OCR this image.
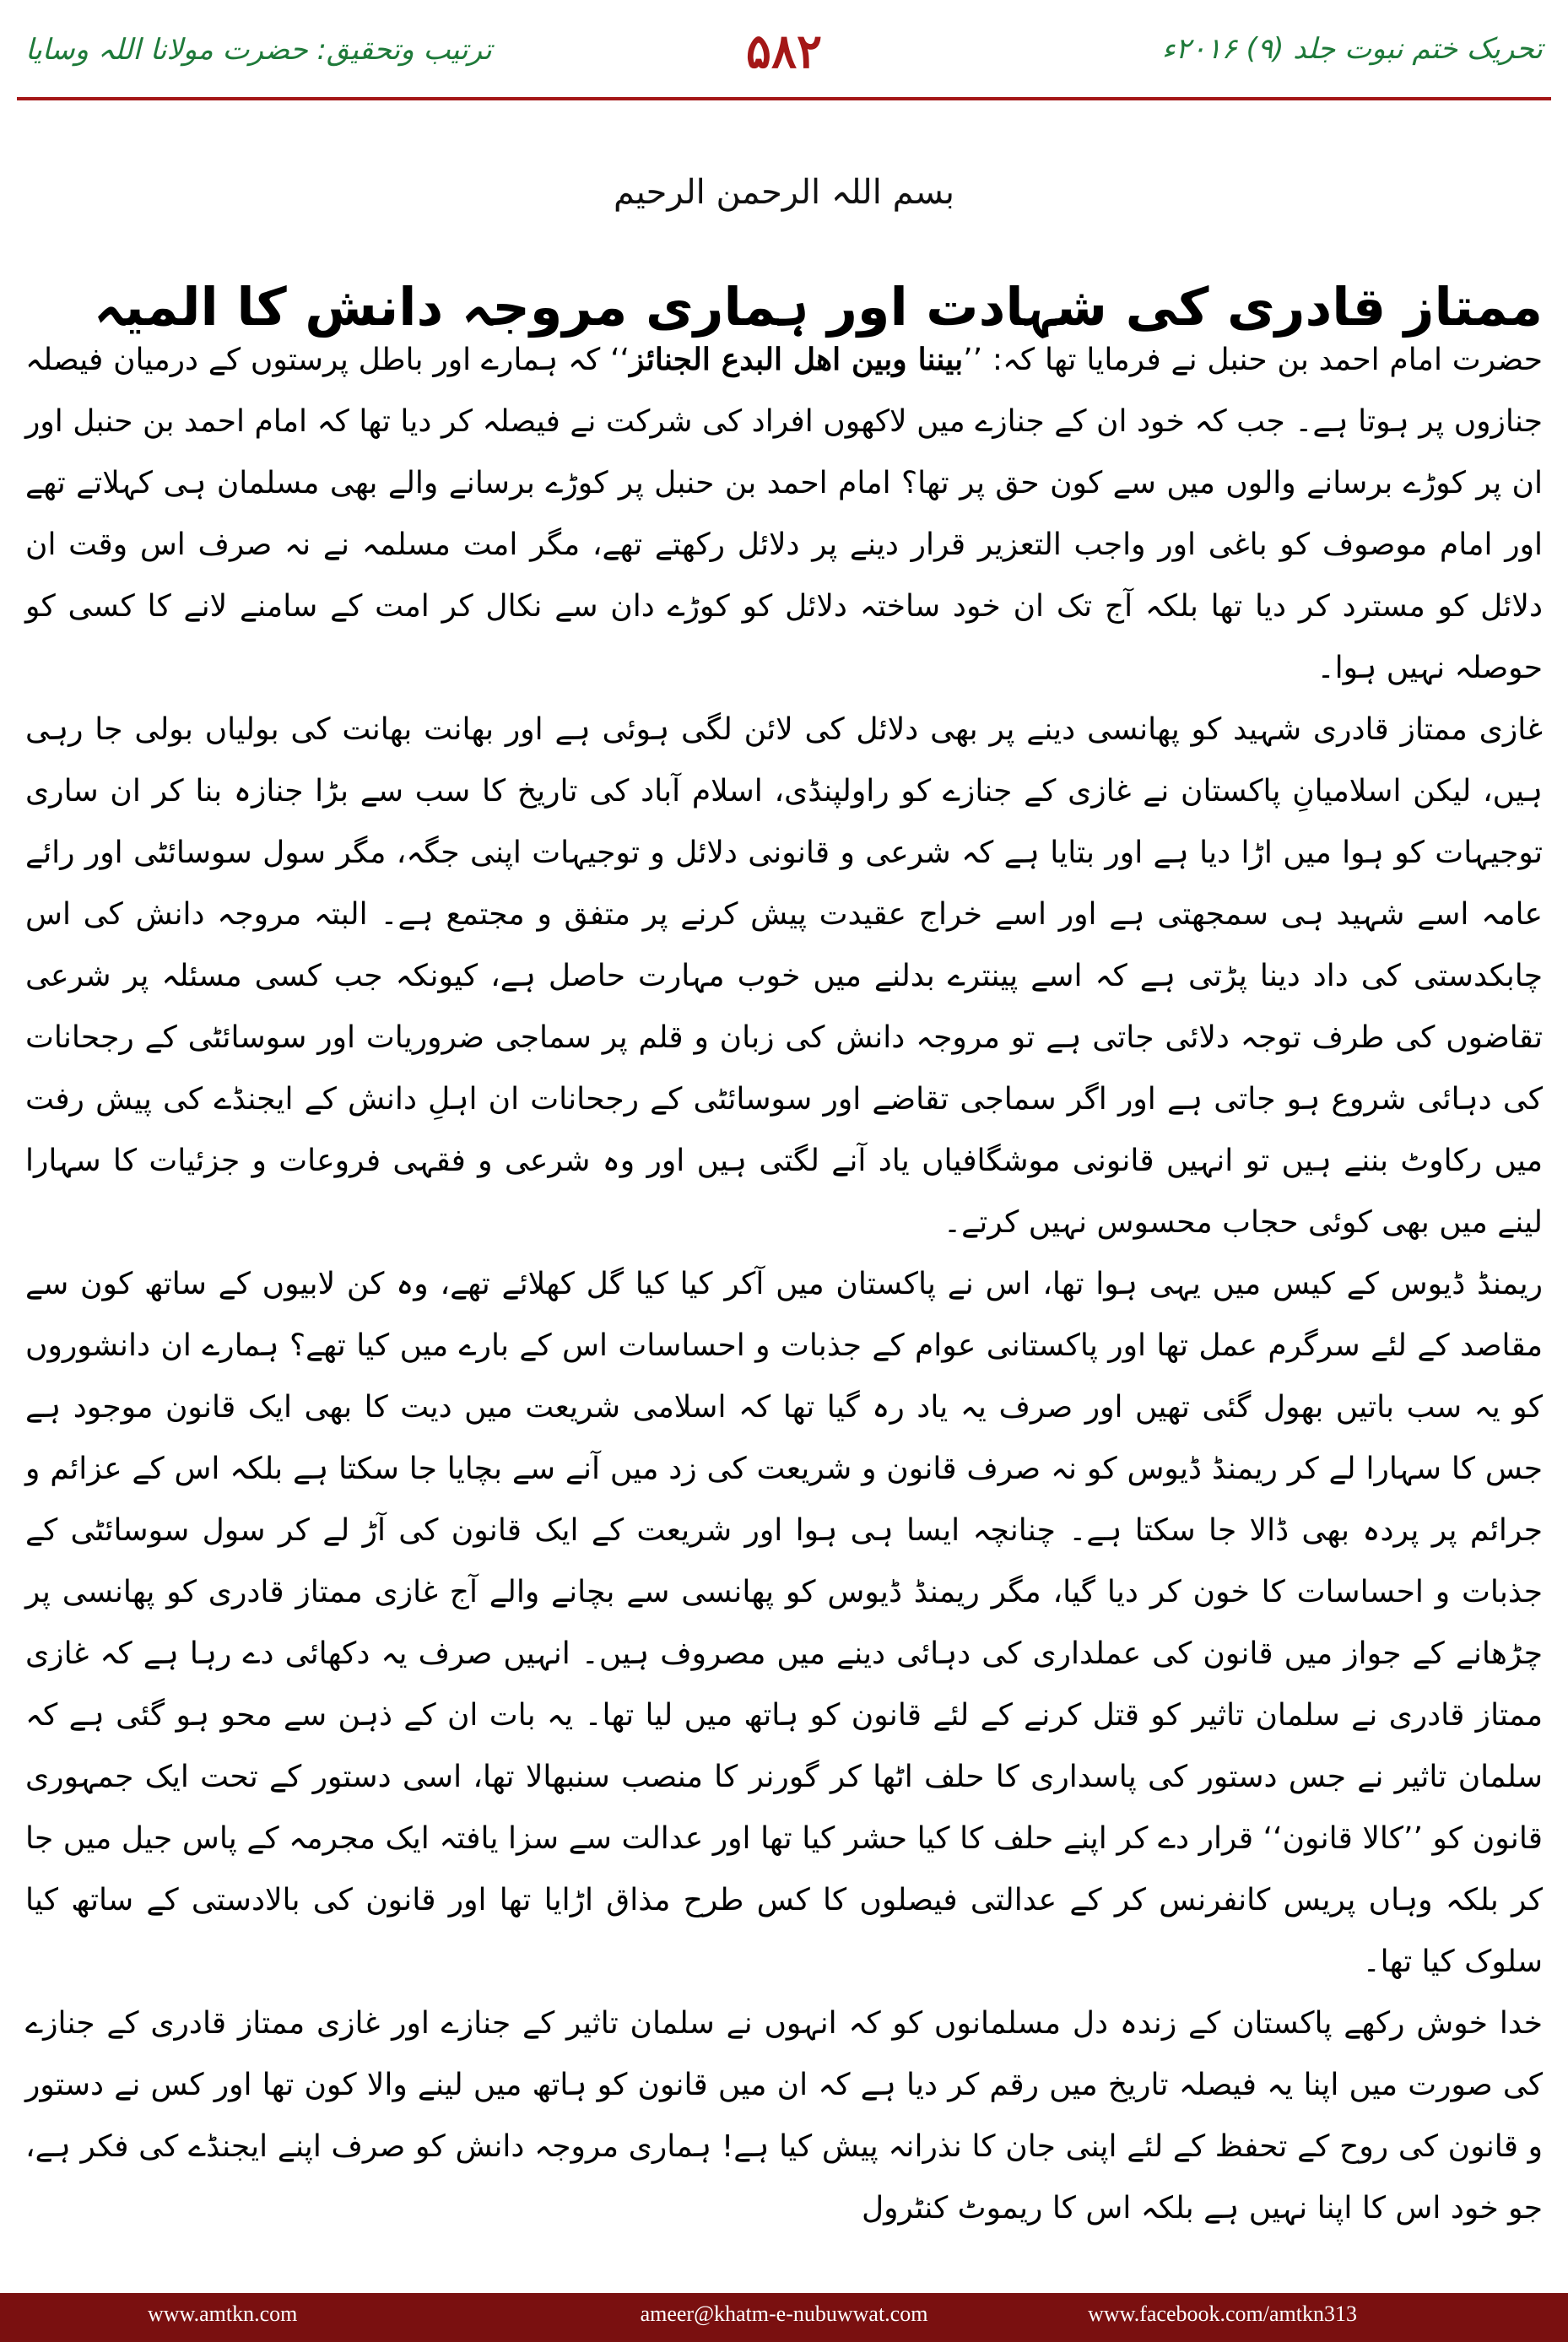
تحریک ختم نبوت جلد (۹) ۲۰۱۶ء
۵۸۲
ترتیب وتحقیق: حضرت مولانا اللہ وسایا
بسم اللہ الرحمن الرحیم
ممتاز قادری کی شہادت اور ہماری مروجہ دانش کا المیہ

حضرت امام احمد بن حنبل نے فرمایا تھا کہ: ’’بیننا وبین اھل البدع الجنائز‘‘ کہ ہمارے اور باطل پرستوں کے درمیان فیصلہ جنازوں پر ہوتا ہے۔ جب کہ خود ان کے جنازے میں لاکھوں افراد کی شرکت نے فیصلہ کر دیا تھا کہ امام احمد بن حنبل اور ان پر کوڑے برسانے والوں میں سے کون حق پر تھا؟ امام احمد بن حنبل پر کوڑے برسانے والے بھی مسلمان ہی کہلاتے تھے اور امام موصوف کو باغی اور واجب التعزیر قرار دینے پر دلائل رکھتے تھے، مگر امت مسلمہ نے نہ صرف اس وقت ان دلائل کو مسترد کر دیا تھا بلکہ آج تک ان خود ساختہ دلائل کو کوڑے دان سے نکال کر امت کے سامنے لانے کا کسی کو حوصلہ نہیں ہوا۔

غازی ممتاز قادری شہید کو پھانسی دینے پر بھی دلائل کی لائن لگی ہوئی ہے اور بھانت بھانت کی بولیاں بولی جا رہی ہیں، لیکن اسلامیانِ پاکستان نے غازی کے جنازے کو راولپنڈی، اسلام آباد کی تاریخ کا سب سے بڑا جنازہ بنا کر ان ساری توجیہات کو ہوا میں اڑا دیا ہے اور بتایا ہے کہ شرعی و قانونی دلائل و توجیہات اپنی جگہ، مگر سول سوسائٹی اور رائے عامہ اسے شہید ہی سمجھتی ہے اور اسے خراج عقیدت پیش کرنے پر متفق و مجتمع ہے۔ البتہ مروجہ دانش کی اس چابکدستی کی داد دینا پڑتی ہے کہ اسے پینترے بدلنے میں خوب مہارت حاصل ہے، کیونکہ جب کسی مسئلہ پر شرعی تقاضوں کی طرف توجہ دلائی جاتی ہے تو مروجہ دانش کی زبان و قلم پر سماجی ضروریات اور سوسائٹی کے رجحانات کی دہائی شروع ہو جاتی ہے اور اگر سماجی تقاضے اور سوسائٹی کے رجحانات ان اہلِ دانش کے ایجنڈے کی پیش رفت میں رکاوٹ بننے ہیں تو انہیں قانونی موشگافیاں یاد آنے لگتی ہیں اور وہ شرعی و فقہی فروعات و جزئیات کا سہارا لینے میں بھی کوئی حجاب محسوس نہیں کرتے۔

ریمنڈ ڈیوس کے کیس میں یہی ہوا تھا، اس نے پاکستان میں آکر کیا کیا گل کھلائے تھے، وہ کن لابیوں کے ساتھ کون سے مقاصد کے لئے سرگرم عمل تھا اور پاکستانی عوام کے جذبات و احساسات اس کے بارے میں کیا تھے؟ ہمارے ان دانشوروں کو یہ سب باتیں بھول گئی تھیں اور صرف یہ یاد رہ گیا تھا کہ اسلامی شریعت میں دیت کا بھی ایک قانون موجود ہے جس کا سہارا لے کر ریمنڈ ڈیوس کو نہ صرف قانون و شریعت کی زد میں آنے سے بچایا جا سکتا ہے بلکہ اس کے عزائم و جرائم پر پردہ بھی ڈالا جا سکتا ہے۔ چنانچہ ایسا ہی ہوا اور شریعت کے ایک قانون کی آڑ لے کر سول سوسائٹی کے جذبات و احساسات کا خون کر دیا گیا، مگر ریمنڈ ڈیوس کو پھانسی سے بچانے والے آج غازی ممتاز قادری کو پھانسی پر چڑھانے کے جواز میں قانون کی عملداری کی دہائی دینے میں مصروف ہیں۔ انہیں صرف یہ دکھائی دے رہا ہے کہ غازی ممتاز قادری نے سلمان تاثیر کو قتل کرنے کے لئے قانون کو ہاتھ میں لیا تھا۔ یہ بات ان کے ذہن سے محو ہو گئی ہے کہ سلمان تاثیر نے جس دستور کی پاسداری کا حلف اٹھا کر گورنر کا منصب سنبھالا تھا، اسی دستور کے تحت ایک جمہوری قانون کو ’’کالا قانون‘‘ قرار دے کر اپنے حلف کا کیا حشر کیا تھا اور عدالت سے سزا یافتہ ایک مجرمہ کے پاس جیل میں جا کر بلکہ وہاں پریس کانفرنس کر کے عدالتی فیصلوں کا کس طرح مذاق اڑایا تھا اور قانون کی بالادستی کے ساتھ کیا سلوک کیا تھا۔

خدا خوش رکھے پاکستان کے زندہ دل مسلمانوں کو کہ انہوں نے سلمان تاثیر کے جنازے اور غازی ممتاز قادری کے جنازے کی صورت میں اپنا یہ فیصلہ تاریخ میں رقم کر دیا ہے کہ ان میں قانون کو ہاتھ میں لینے والا کون تھا اور کس نے دستور و قانون کی روح کے تحفظ کے لئے اپنی جان کا نذرانہ پیش کیا ہے! ہماری مروجہ دانش کو صرف اپنے ایجنڈے کی فکر ہے، جو خود اس کا اپنا نہیں ہے بلکہ اس کا ریموٹ کنٹرول

www.amtkn.com	ameer@khatm-e-nubuwwat.com	www.facebook.com/amtkn313
